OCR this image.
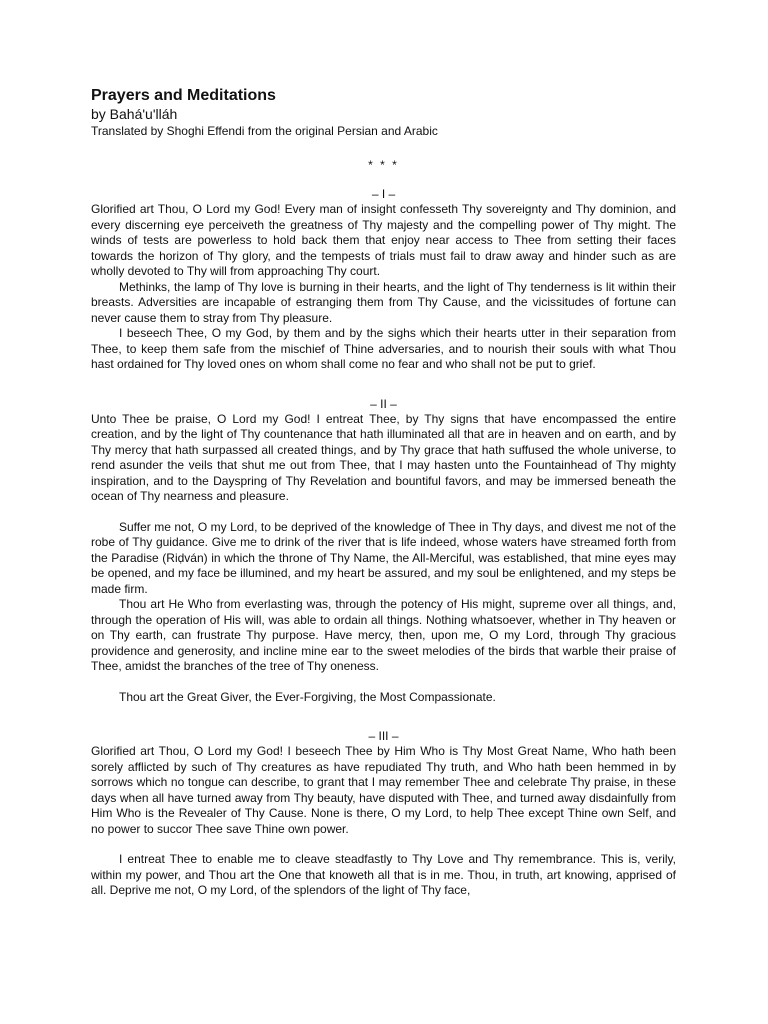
Prayers and Meditations
by Bahá'u'lláh
Translated by Shoghi Effendi from the original Persian and Arabic
* * *
– I –

Glorified art Thou, O Lord my God! Every man of insight confesseth Thy sovereignty and Thy dominion, and every discerning eye perceiveth the greatness of Thy majesty and the compelling power of Thy might. The winds of tests are powerless to hold back them that enjoy near access to Thee from setting their faces towards the horizon of Thy glory, and the tempests of trials must fail to draw away and hinder such as are wholly devoted to Thy will from approaching Thy court.

Methinks, the lamp of Thy love is burning in their hearts, and the light of Thy tenderness is lit within their breasts. Adversities are incapable of estranging them from Thy Cause, and the vicissitudes of fortune can never cause them to stray from Thy pleasure.

I beseech Thee, O my God, by them and by the sighs which their hearts utter in their separation from Thee, to keep them safe from the mischief of Thine adversaries, and to nourish their souls with what Thou hast ordained for Thy loved ones on whom shall come no fear and who shall not be put to grief.

– II –

Unto Thee be praise, O Lord my God! I entreat Thee, by Thy signs that have encompassed the entire creation, and by the light of Thy countenance that hath illuminated all that are in heaven and on earth, and by Thy mercy that hath surpassed all created things, and by Thy grace that hath suffused the whole universe, to rend asunder the veils that shut me out from Thee, that I may hasten unto the Fountainhead of Thy mighty inspiration, and to the Dayspring of Thy Revelation and bountiful favors, and may be immersed beneath the ocean of Thy nearness and pleasure.

Suffer me not, O my Lord, to be deprived of the knowledge of Thee in Thy days, and divest me not of the robe of Thy guidance. Give me to drink of the river that is life indeed, whose waters have streamed forth from the Paradise (Riḍván) in which the throne of Thy Name, the All-Merciful, was established, that mine eyes may be opened, and my face be illumined, and my heart be assured, and my soul be enlightened, and my steps be made firm.

Thou art He Who from everlasting was, through the potency of His might, supreme over all things, and, through the operation of His will, was able to ordain all things. Nothing whatsoever, whether in Thy heaven or on Thy earth, can frustrate Thy purpose. Have mercy, then, upon me, O my Lord, through Thy gracious providence and generosity, and incline mine ear to the sweet melodies of the birds that warble their praise of Thee, amidst the branches of the tree of Thy oneness.

Thou art the Great Giver, the Ever-Forgiving, the Most Compassionate.

– III –

Glorified art Thou, O Lord my God! I beseech Thee by Him Who is Thy Most Great Name, Who hath been sorely afflicted by such of Thy creatures as have repudiated Thy truth, and Who hath been hemmed in by sorrows which no tongue can describe, to grant that I may remember Thee and celebrate Thy praise, in these days when all have turned away from Thy beauty, have disputed with Thee, and turned away disdainfully from Him Who is the Revealer of Thy Cause. None is there, O my Lord, to help Thee except Thine own Self, and no power to succor Thee save Thine own power.

I entreat Thee to enable me to cleave steadfastly to Thy Love and Thy remembrance. This is, verily, within my power, and Thou art the One that knoweth all that is in me. Thou, in truth, art knowing, apprised of all. Deprive me not, O my Lord, of the splendors of the light of Thy face,
